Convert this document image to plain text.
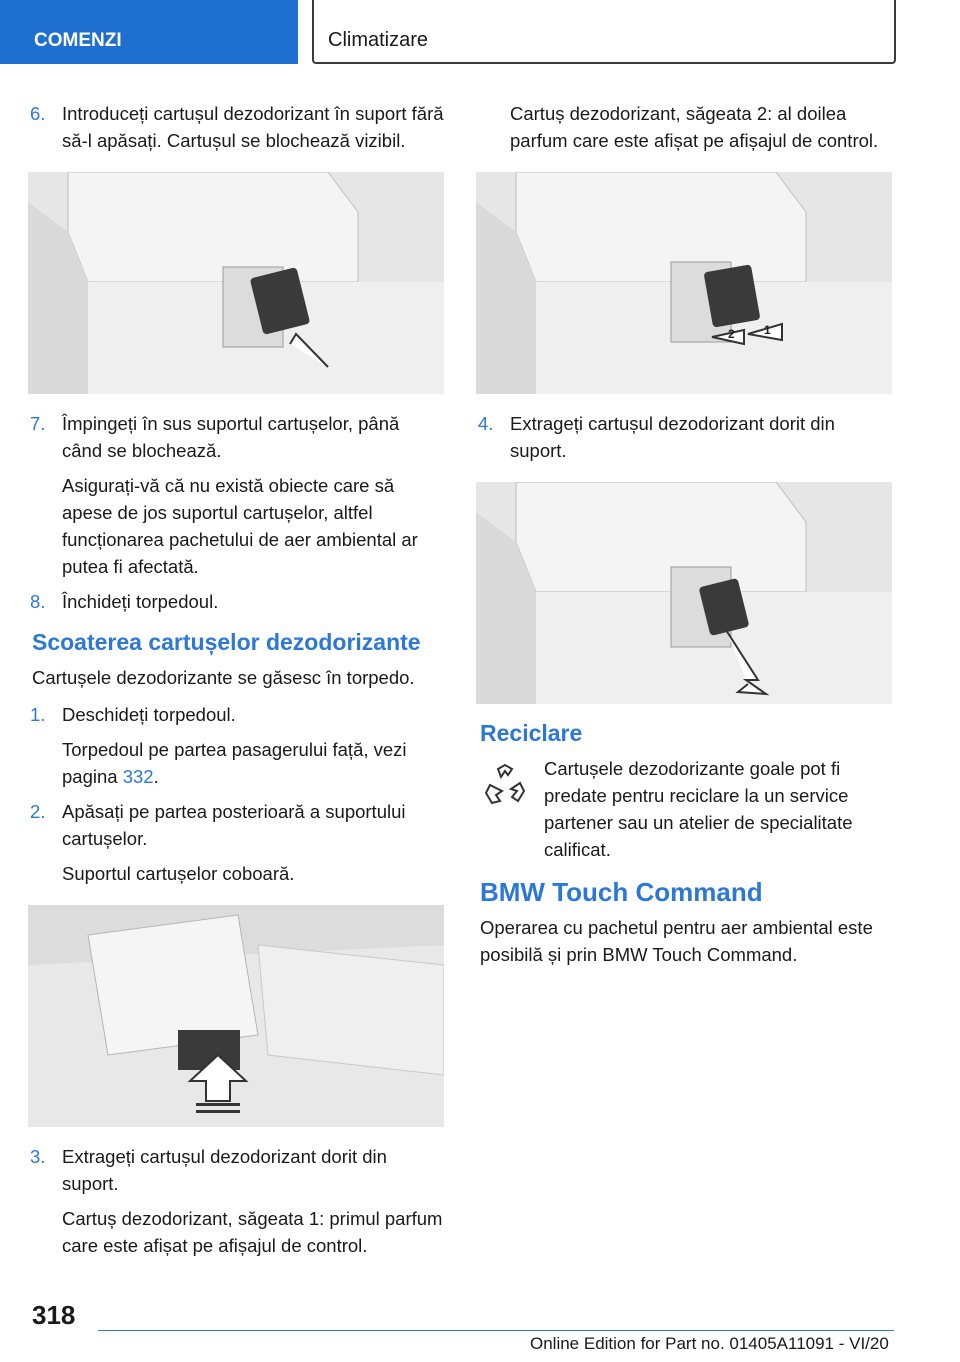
COMENZI	Climatizare
6. Introduceți cartușul dezodorizant în suport fără să-l apăsați. Cartușul se blochează vizibil.
7. Împingeți în sus suportul cartușelor, până când se blochează.
Asigurați-vă că nu există obiecte care să apese de jos suportul cartușelor, altfel funcționarea pachetului de aer ambiental ar putea fi afectată.
8. Închideți torpedoul.
Scoaterea cartușelor dezodorizante
Cartușele dezodorizante se găsesc în torpedo.
1. Deschideți torpedoul.
Torpedoul pe partea pasagerului față, vezi pagina 332.
2. Apăsați pe partea posterioară a suportului cartușelor.
Suportul cartușelor coboară.
3. Extrageți cartușul dezodorizant dorit din suport.
Cartuș dezodorizant, săgeata 1: primul parfum care este afișat pe afișajul de control.
Cartuș dezodorizant, săgeata 2: al doilea parfum care este afișat pe afișajul de control.
2 1
4. Extrageți cartușul dezodorizant dorit din suport.
Reciclare
Cartușele dezodorizante goale pot fi predate pentru reciclare la un service partener sau un atelier de specialitate calificat.
BMW Touch Command
Operarea cu pachetul pentru aer ambiental este posibilă și prin BMW Touch Command.
318
Online Edition for Part no. 01405A11091 - VI/20
